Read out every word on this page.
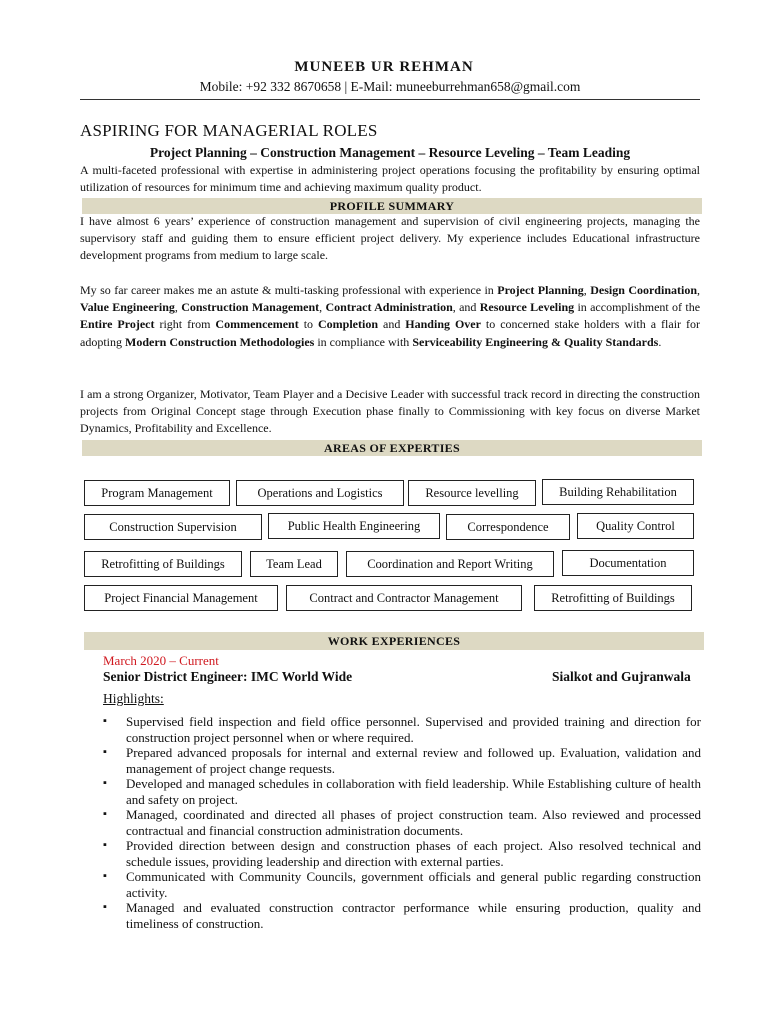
MUNEEB UR REHMAN
Mobile: +92 332 8670658 | E-Mail: muneeburrehman658@gmail.com
ASPIRING FOR MANAGERIAL ROLES
Project Planning – Construction Management – Resource Leveling – Team Leading
A multi-faceted professional with expertise in administering project operations focusing the profitability by ensuring optimal utilization of resources for minimum time and achieving maximum quality product.
PROFILE SUMMARY
I have almost 6 years’ experience of construction management and supervision of civil engineering projects, managing the supervisory staff and guiding them to ensure efficient project delivery. My experience includes Educational infrastructure development programs from medium to large scale.
My so far career makes me an astute & multi-tasking professional with experience in Project Planning, Design Coordination, Value Engineering, Construction Management, Contract Administration, and Resource Leveling in accomplishment of the Entire Project right from Commencement to Completion and Handing Over to concerned stake holders with a flair for adopting Modern Construction Methodologies in compliance with Serviceability Engineering & Quality Standards.
I am a strong Organizer, Motivator, Team Player and a Decisive Leader with successful track record in directing the construction projects from Original Concept stage through Execution phase finally to Commissioning with key focus on diverse Market Dynamics, Profitability and Excellence.
AREAS OF EXPERTIES
Program Management	Operations and Logistics	Resource levelling	Building Rehabilitation
Construction Supervision	Public Health Engineering	Correspondence	Quality Control
Retrofitting of Buildings	Team Lead	Coordination and Report Writing	Documentation
Project Financial Management	Contract and Contractor Management	Retrofitting of Buildings
WORK EXPERIENCES
March 2020 – Current
Senior District Engineer: IMC World Wide	Sialkot and Gujranwala
Highlights:
▪ Supervised field inspection and field office personnel. Supervised and provided training and direction for construction project personnel when or where required.
▪ Prepared advanced proposals for internal and external review and followed up. Evaluation, validation and management of project change requests.
▪ Developed and managed schedules in collaboration with field leadership. While Establishing culture of health and safety on project.
▪ Managed, coordinated and directed all phases of project construction team. Also reviewed and processed contractual and financial construction administration documents.
▪ Provided direction between design and construction phases of each project. Also resolved technical and schedule issues, providing leadership and direction with external parties.
▪ Communicated with Community Councils, government officials and general public regarding construction activity.
▪ Managed and evaluated construction contractor performance while ensuring production, quality and timeliness of construction.
